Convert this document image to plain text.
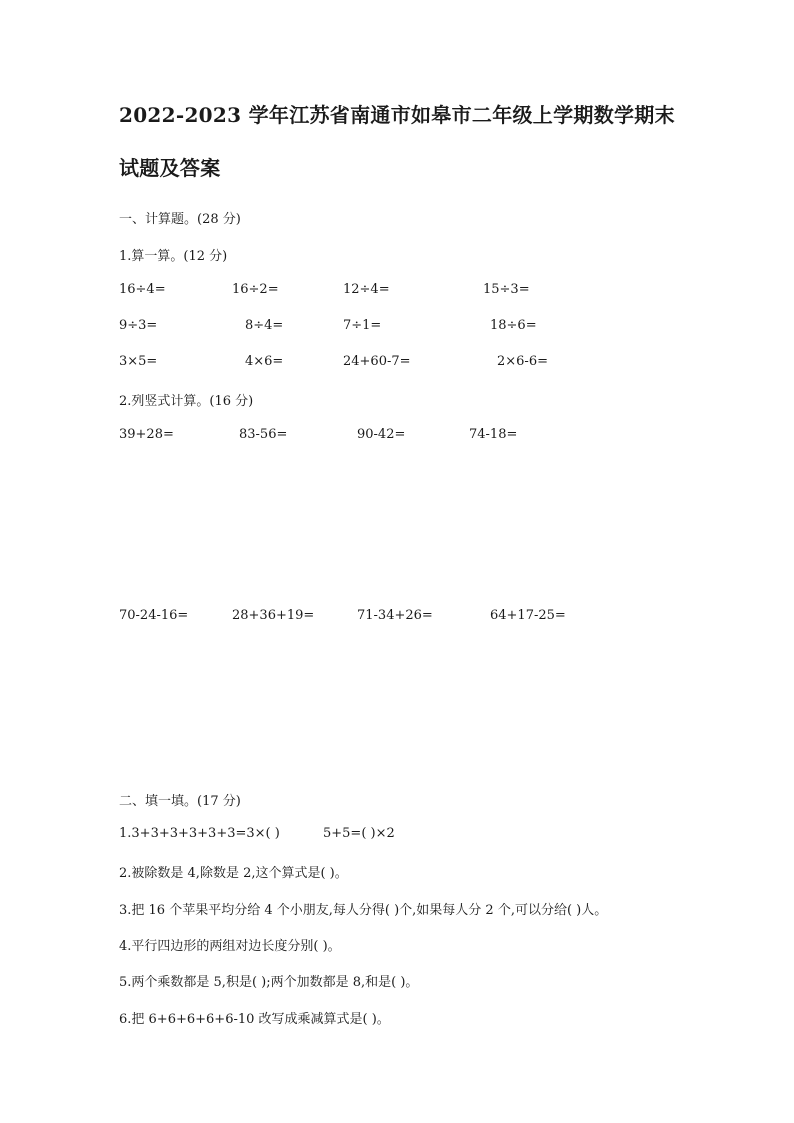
2022-2023 学年江苏省南通市如皋市二年级上学期数学期末
试题及答案
一、计算题。(28 分)
1.算一算。(12 分)
16÷4=	16÷2=	12÷4=	15÷3=
9÷3=	8÷4=	7÷1=	18÷6=
3×5=	4×6=	24+60-7=	2×6-6=
2.列竖式计算。(16 分)
39+28=	83-56=	90-42=	74-18=
70-24-16=	28+36+19=	71-34+26=	64+17-25=
二、填一填。(17 分)
1.3+3+3+3+3+3=3×( )	5+5=( )×2
2.被除数是 4,除数是 2,这个算式是( )。
3.把 16 个苹果平均分给 4 个小朋友,每人分得( )个,如果每人分 2 个,可以分给( )人。
4.平行四边形的两组对边长度分别( )。
5.两个乘数都是 5,积是( );两个加数都是 8,和是( )。
6.把 6+6+6+6+6-10 改写成乘减算式是( )。
